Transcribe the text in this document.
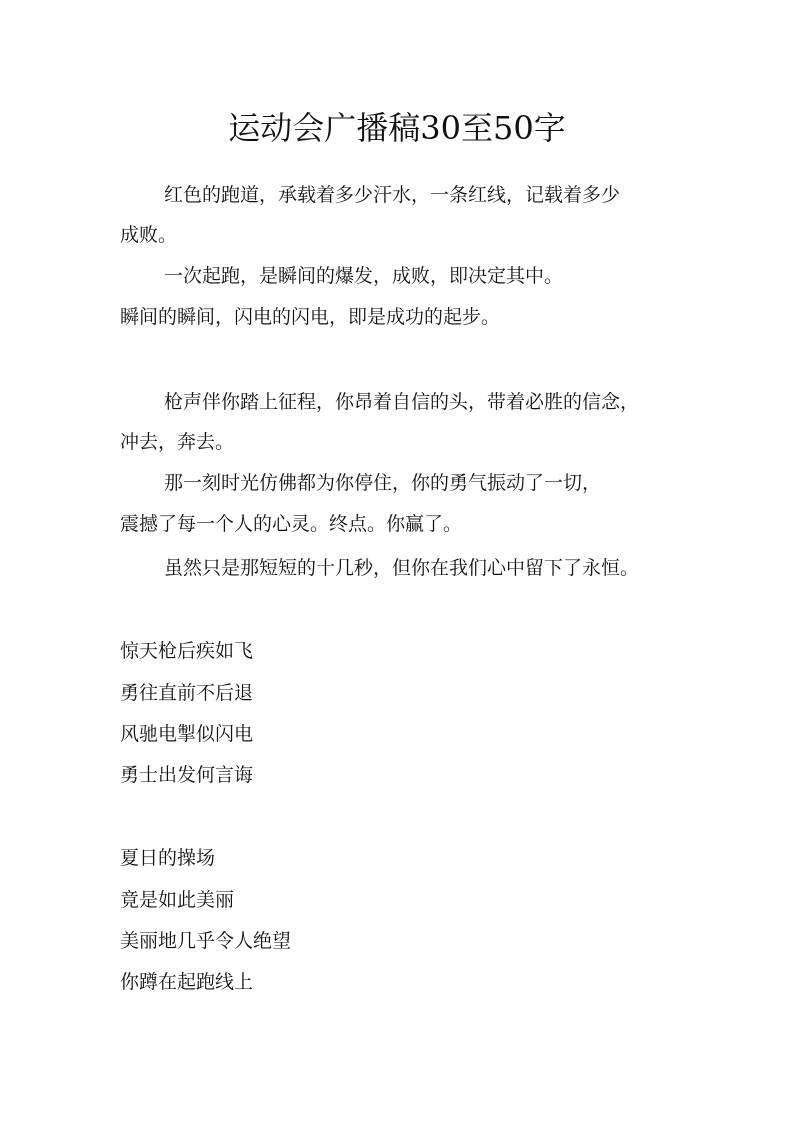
运动会广播稿30至50字
红色的跑道，承载着多少汗水，一条红线，记载着多少
成败。
一次起跑，是瞬间的爆发，成败，即决定其中。
瞬间的瞬间，闪电的闪电，即是成功的起步。
枪声伴你踏上征程，你昂着自信的头，带着必胜的信念，
冲去，奔去。
那一刻时光仿佛都为你停住，你的勇气振动了一切，
震撼了每一个人的心灵。终点。你赢了。
虽然只是那短短的十几秒，但你在我们心中留下了永恒。
惊天枪后疾如飞
勇往直前不后退
风驰电掣似闪电
勇士出发何言诲
夏日的操场
竟是如此美丽
美丽地几乎令人绝望
你蹲在起跑线上
